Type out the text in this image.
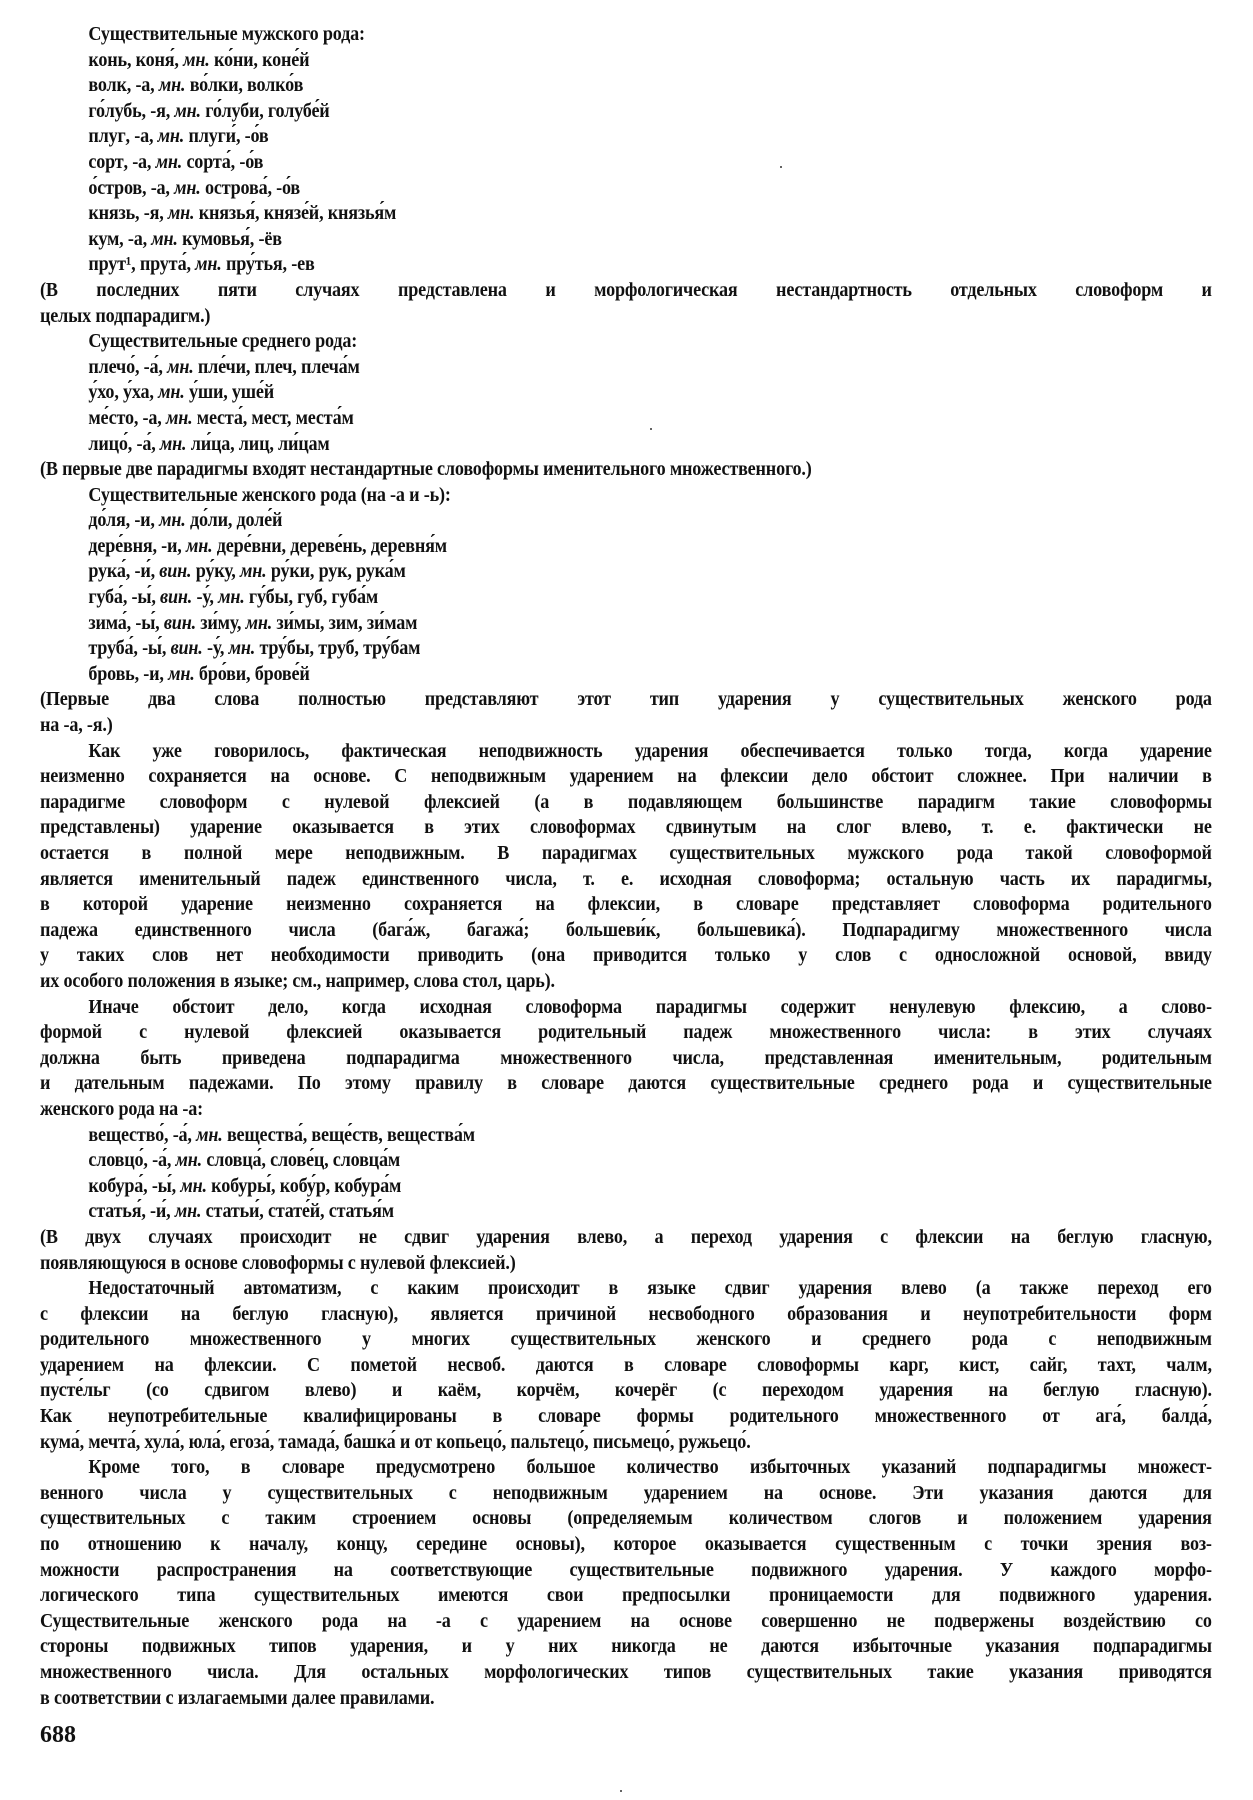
Существительные мужского рода:
конь, коня́, мн. ко́ни, коне́й
волк, -а, мн. во́лки, волко́в
го́лубь, -я, мн. го́луби, голубе́й
плуг, -а, мн. плуги́, -о́в
сорт, -а, мн. сорта́, -о́в
о́стров, -а, мн. острова́, -о́в
князь, -я, мн. князья́, князе́й, князья́м
кум, -а, мн. кумовья́, -ёв
прут¹, прута́, мн. пру́тья, -ев
(В последних пяти случаях представлена и морфологическая нестандартность отдельных словоформ и
целых подпарадигм.)
Существительные среднего рода:
плечо́, -а́, мн. пле́чи, плеч, плеча́м
у́хо, у́ха, мн. у́ши, уше́й
ме́сто, -а, мн. места́, мест, места́м
лицо́, -а́, мн. ли́ца, лиц, ли́цам
(В первые две парадигмы входят нестандартные словоформы именительного множественного.)
Существительные женского рода (на -а и -ь):
до́ля, -и, мн. до́ли, доле́й
дере́вня, -и, мн. дере́вни, дереве́нь, деревня́м
рука́, -и́, вин. ру́ку, мн. ру́ки, рук, рука́м
губа́, -ы́, вин. -у́, мн. гу́бы, губ, губа́м
зима́, -ы́, вин. зи́му, мн. зи́мы, зим, зи́мам
труба́, -ы́, вин. -у́, мн. тру́бы, труб, тру́бам
бровь, -и, мн. бро́ви, брове́й
(Первые два слова полностью представляют этот тип ударения у существительных женского рода
на -а, -я.)
Как уже говорилось, фактическая неподвижность ударения обеспечивается только тогда, когда ударение
неизменно сохраняется на основе. С неподвижным ударением на флексии дело обстоит сложнее. При наличии в
парадигме словоформ с нулевой флексией (а в подавляющем большинстве парадигм такие словоформы
представлены) ударение оказывается в этих словоформах сдвинутым на слог влево, т. е. фактически не
остается в полной мере неподвижным. В парадигмах существительных мужского рода такой словоформой
является именительный падеж единственного числа, т. е. исходная словоформа; остальную часть их парадигмы,
в которой ударение неизменно сохраняется на флексии, в словаре представляет словоформа родительного
падежа единственного числа (бага́ж, багажа́; большеви́к, большевика́). Подпарадигму множественного числа
у таких слов нет необходимости приводить (она приводится только у слов с односложной основой, ввиду
их особого положения в языке; см., например, слова стол, царь).
Иначе обстоит дело, когда исходная словоформа парадигмы содержит ненулевую флексию, а слово-
формой с нулевой флексией оказывается родительный падеж множественного числа: в этих случаях
должна быть приведена подпарадигма множественного числа, представленная именительным, родительным
и дательным падежами. По этому правилу в словаре даются существительные среднего рода и существительные
женского рода на -а:
вещество́, -а́, мн. вещества́, веще́ств, вещества́м
словцо́, -а́, мн. словца́, слове́ц, словца́м
кобура́, -ы́, мн. кобуры́, кобу́р, кобура́м
статья́, -и́, мн. статьи́, стате́й, статья́м
(В двух случаях происходит не сдвиг ударения влево, а переход ударения с флексии на беглую гласную,
появляющуюся в основе словоформы с нулевой флексией.)
Недостаточный автоматизм, с каким происходит в языке сдвиг ударения влево (а также переход его
с флексии на беглую гласную), является причиной несвободного образования и неупотребительности форм
родительного множественного у многих существительных женского и среднего рода с неподвижным
ударением на флексии. С пометой несвоб. даются в словаре словоформы карг, кист, сайг, тахт, чалм,
пусте́льг (со сдвигом влево) и каём, корчём, кочерёг (с переходом ударения на беглую гласную).
Как неупотребительные квалифицированы в словаре формы родительного множественного от ага́, балда́,
кума́, мечта́, хула́, юла́, егоза́, тамада́, башка́ и от копьецо́, пальтецо́, письмецо́, ружьецо́.
Кроме того, в словаре предусмотрено большое количество избыточных указаний подпарадигмы множест-
венного числа у существительных с неподвижным ударением на основе. Эти указания даются для
существительных с таким строением основы (определяемым количеством слогов и положением ударения
по отношению к началу, концу, середине основы), которое оказывается существенным с точки зрения воз-
можности распространения на соответствующие существительные подвижного ударения. У каждого морфо-
логического типа существительных имеются свои предпосылки проницаемости для подвижного ударения.
Существительные женского рода на -а с ударением на основе совершенно не подвержены воздействию со
стороны подвижных типов ударения, и у них никогда не даются избыточные указания подпарадигмы
множественного числа. Для остальных морфологических типов существительных такие указания приводятся
в соответствии с излагаемыми далее правилами.
688
